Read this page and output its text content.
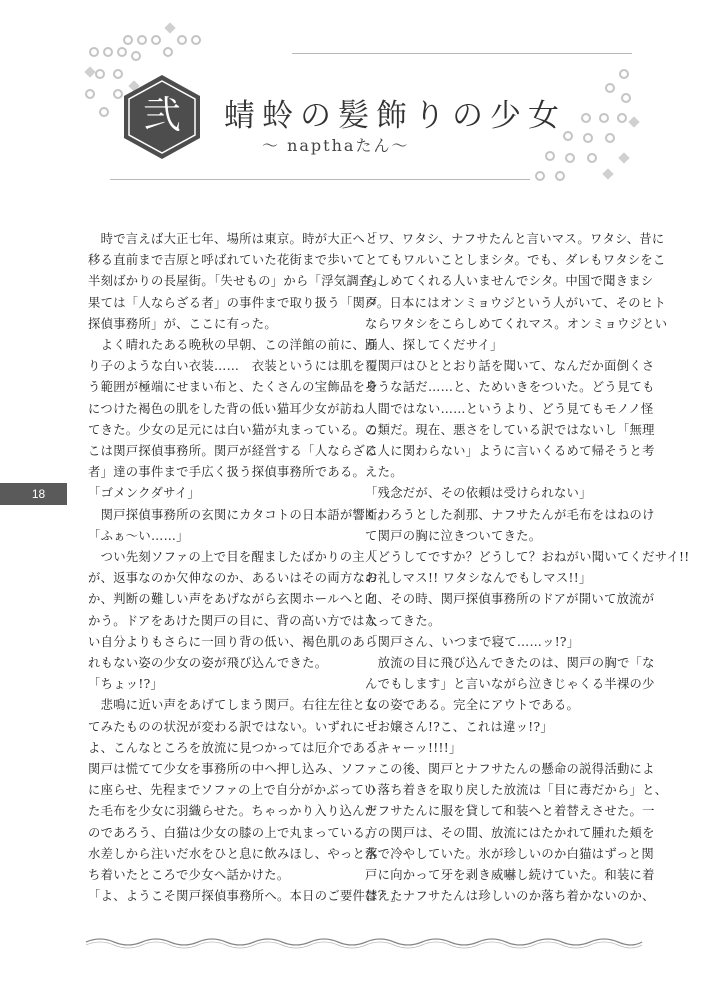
弐	蜻蛉の髪飾りの少女
～ napthaたん～

　時で言えば大正七年、場所は東京。時が大正へと

移る直前まで吉原と呼ばれていた花街まで歩いて

半刻ばかりの長屋街。「失せもの」から「浮気調査」、

果ては「人ならざる者」の事件まで取り扱う「関戸

探偵事務所」が、ここに有った。

　よく晴れたある晩秋の早朝、この洋館の前に、踊

り子のような白い衣装……　衣装というには肌を覆

う範囲が極端にせまい布と、たくさんの宝飾品を身

につけた褐色の肌をした背の低い猫耳少女が訪ね

てきた。少女の足元には白い猫が丸まっている。こ

こは関戸探偵事務所。関戸が経営する「人ならざる

者」達の事件まで手広く扱う探偵事務所である。

「ゴメンクダサイ」

　関戸探偵事務所の玄関にカタコトの日本語が響く。

「ふぁ〜い……」

　つい先刻ソファの上で目を醒ましたばかりの主人

が、返事なのか欠伸なのか、あるいはその両方なの

か、判断の難しい声をあげながら玄関ホールへと向

かう。ドアをあけた関戸の目に、背の高い方ではな

い自分よりもさらに一回り背の低い、褐色肌のあら

れもない姿の少女の姿が飛び込んできた。

「ちょッ!?」

　悲鳴に近い声をあげてしまう関戸。右往左往とし

てみたものの状況が変わる訳ではない。いずれにせ

よ、こんなところを放流に見つかっては厄介である。

関戸は慌てて少女を事務所の中へ押し込み、ソファ

に座らせ、先程までソファの上で自分がかぶってい

た毛布を少女に羽織らせた。ちゃっかり入り込んだ

のであろう、白猫は少女の膝の上で丸まっている。

水差しから注いだ水をひと息に飲みほし、やっと落

ち着いたところで少女へ話かけた。

「よ、ようこそ関戸探偵事務所へ。本日のご要件は？」

「ワ、ワタシ、ナフサたんと言いマス。ワタシ、昔に

とてもワルいことしまシタ。でも、ダレもワタシをこ

らしめてくれる人いませんでシタ。中国で聞きまシ

タ。日本にはオンミョウジという人がいて、そのヒト

ならワタシをこらしめてくれマス。オンミョウジとい

う人、探してくだサイ」

　関戸はひととおり話を聞いて、なんだか面倒くさ

そうな話だ……と、ためいきをついた。どう見ても

人間ではない……というより、どう見てもモノノ怪

の類だ。現在、悪さをしている訳ではないし「無理

に人に関わらない」ように言いくるめて帰そうと考

えた。

「残念だが、その依頼は受けられない」

断わろうとした刹那、ナフサたんが毛布をはねのけ

て関戸の胸に泣きついてきた。

「どうしてですか？どうして？おねがい聞いてくだサイ!!

お礼しマス!! ワタシなんでもしマス!!」

と、その時、関戸探偵事務所のドアが開いて放流が

入ってきた。

「関戸さん、いつまで寝て……ッ!?」

　放流の目に飛び込んできたのは、関戸の胸で「な

んでもします」と言いながら泣きじゃくる半裸の少

女の姿である。完全にアウトである。

「お嬢さん!?こ、これは違ッ!?」

「キャーッ!!!!」

　この後、関戸とナフサたんの懸命の説得活動によ

り落ち着きを取り戻した放流は「目に毒だから」と、

ナフサたんに服を貸して和装へと着替えさせた。一

方の関戸は、その間、放流にはたかれて腫れた頬を

氷で冷やしていた。氷が珍しいのか白猫はずっと関

戸に向かって牙を剥き威嚇し続けていた。和装に着

替えたナフサたんは珍しいのか落ち着かないのか、

18
